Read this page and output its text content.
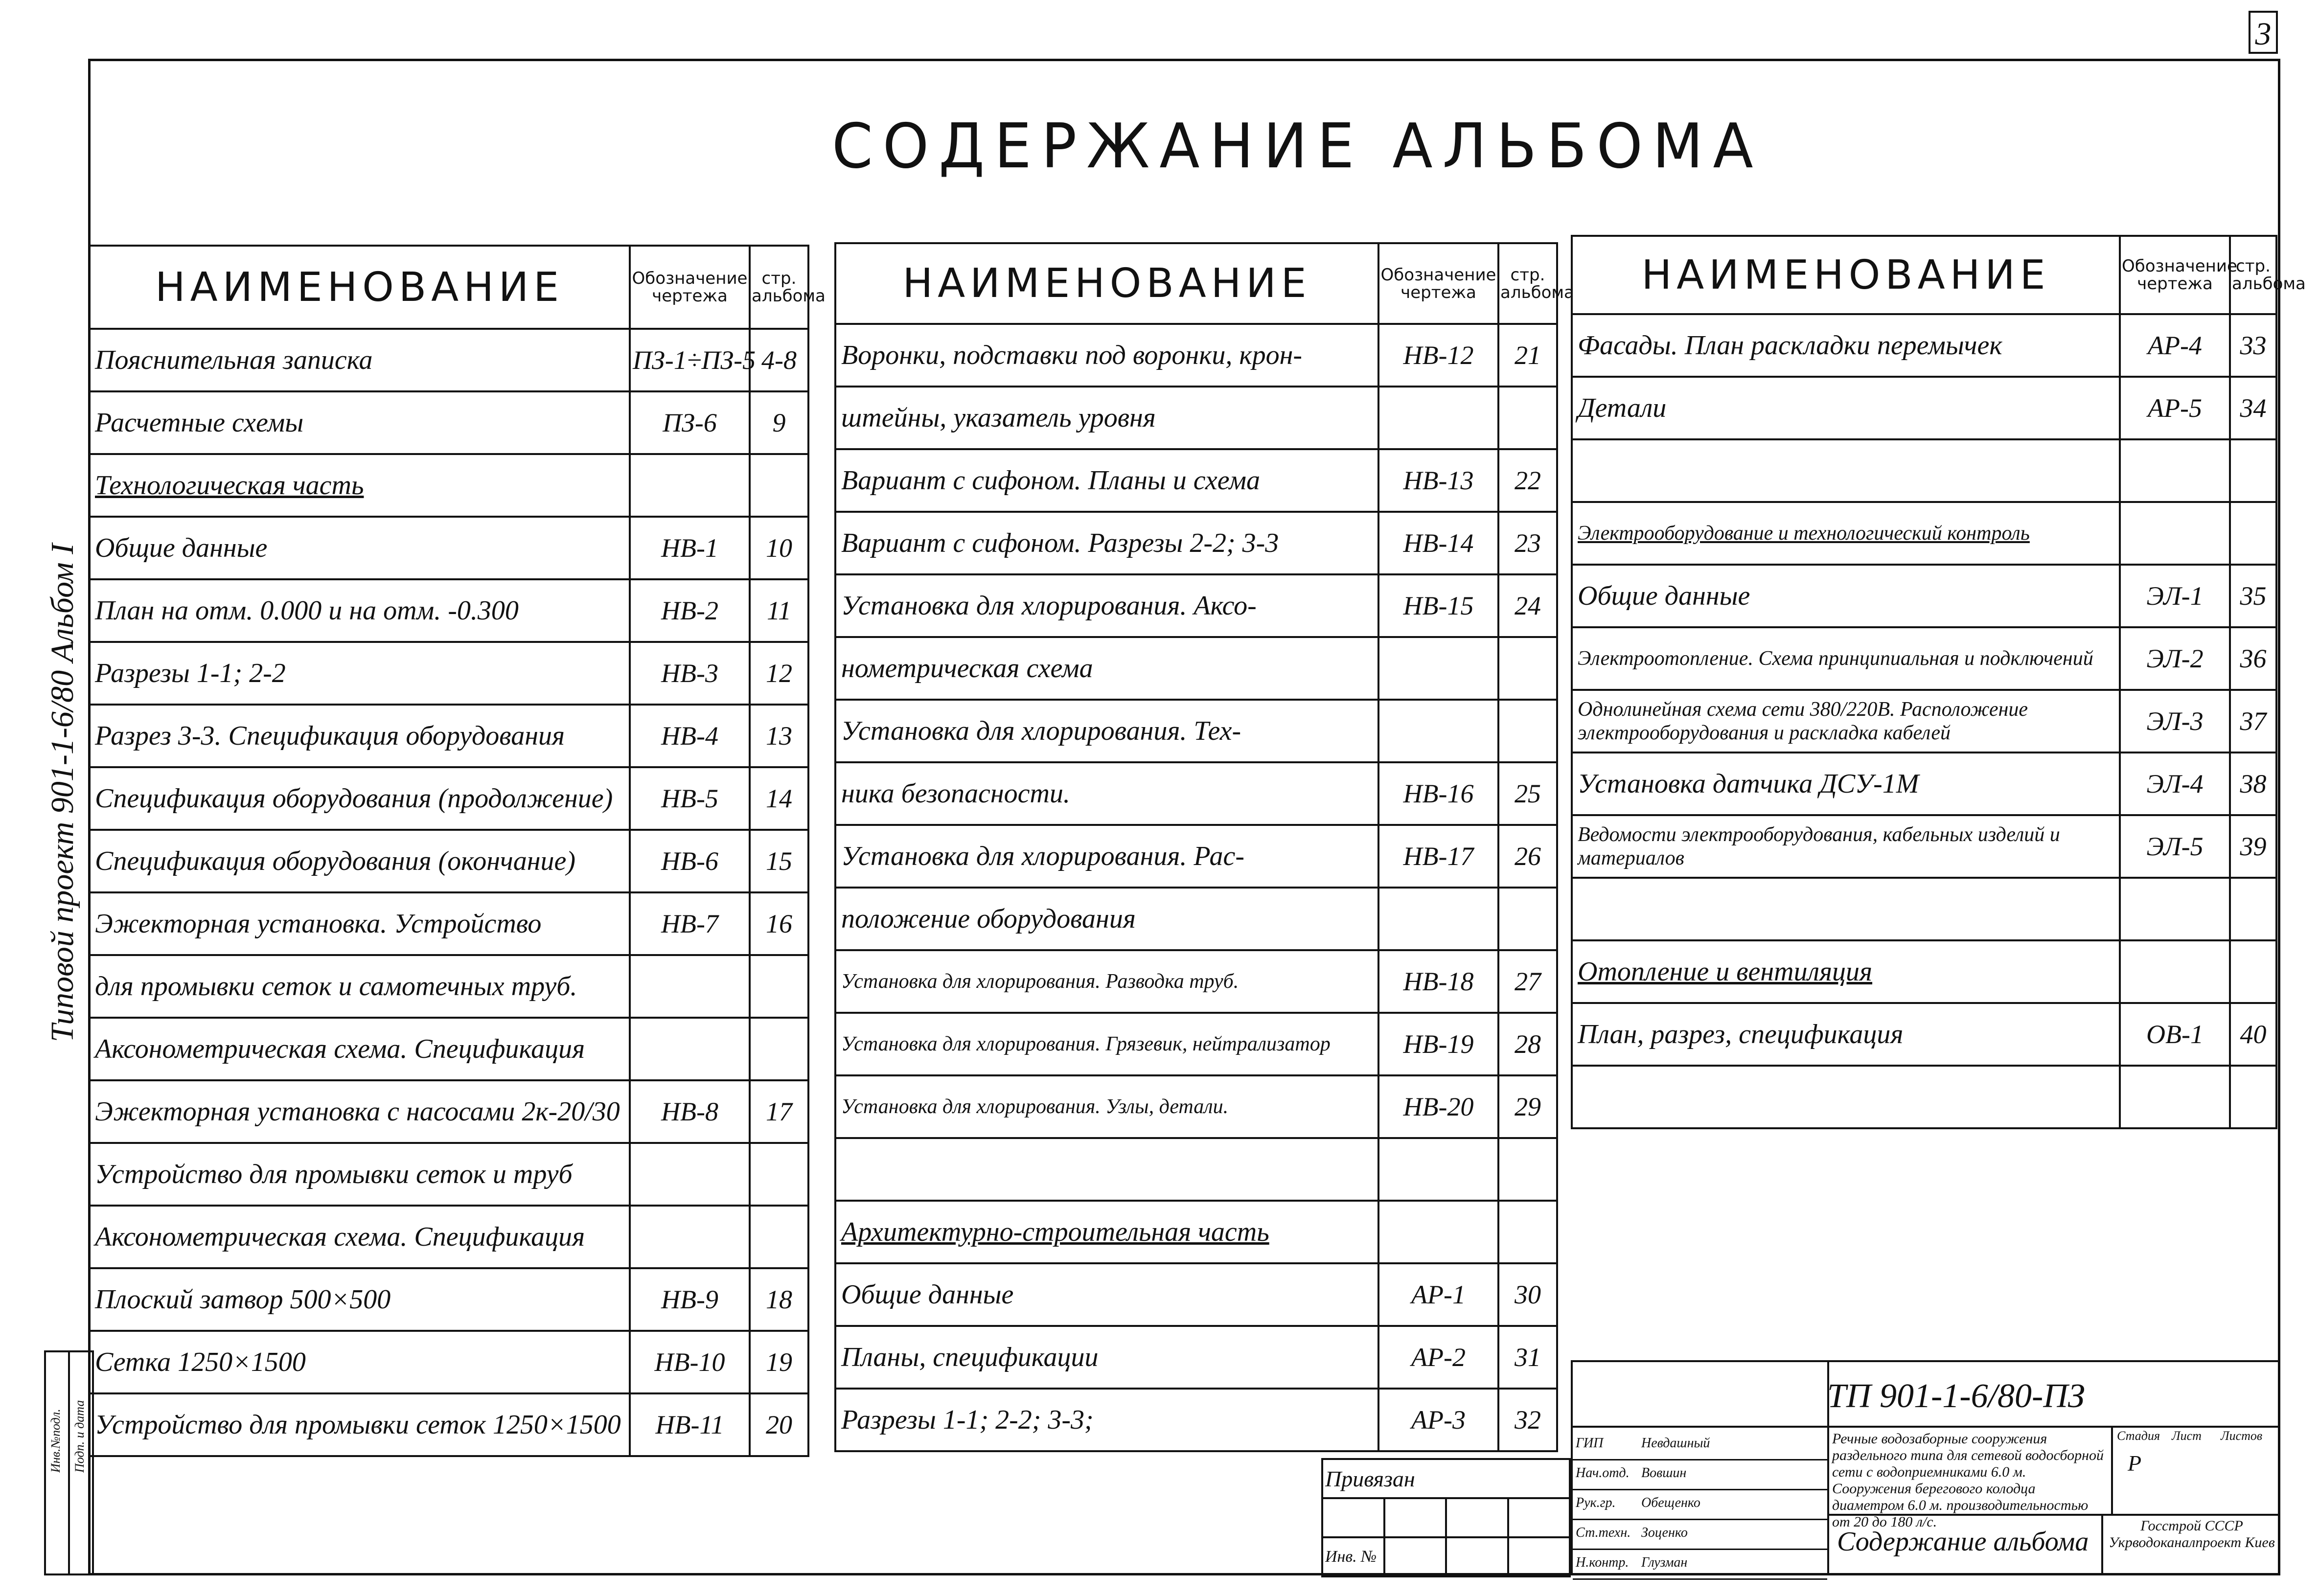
3
СОДЕРЖАНИЕ АЛЬБОМА
Типовой проект 901-1-6/80 Альбом I
НАИМЕНОВАНИЕ	Обозначение чертежа	стр. альбома
Пояснительная записка	ПЗ-1÷ПЗ-5	4-8
Расчетные схемы	ПЗ-6	9
Технологическая часть		
Общие данные	НВ-1	10
План на отм. 0.000 и на отм. -0.300	НВ-2	11
Разрезы 1-1; 2-2	НВ-3	12
Разрез 3-3. Спецификация оборудования	НВ-4	13
Спецификация оборудования (продолжение)	НВ-5	14
Спецификация оборудования (окончание)	НВ-6	15
Эжекторная установка. Устройство	НВ-7	16
для промывки сеток и самотечных труб.		
Аксонометрическая схема. Спецификация		
Эжекторная установка с насосами 2к-20/30	НВ-8	17
Устройство для промывки сеток и труб		
Аксонометрическая схема. Спецификация		
Плоский затвор 500×500	НВ-9	18
Сетка 1250×1500	НВ-10	19
Устройство для промывки сеток 1250×1500	НВ-11	20
НАИМЕНОВАНИЕ	Обозначение чертежа	стр. альбома
Воронки, подставки под воронки, крон-	НВ-12	21
штейны, указатель уровня		
Вариант с сифоном. Планы и схема	НВ-13	22
Вариант с сифоном. Разрезы 2-2; 3-3	НВ-14	23
Установка для хлорирования. Аксо-	НВ-15	24
нометрическая схема		
Установка для хлорирования. Тех-		
ника безопасности.	НВ-16	25
Установка для хлорирования. Рас-	НВ-17	26
положение оборудования		
Установка для хлорирования. Разводка труб.	НВ-18	27
Установка для хлорирования. Грязевик, нейтрализатор	НВ-19	28
Установка для хлорирования. Узлы, детали.	НВ-20	29

Архитектурно-строительная часть		
Общие данные	АР-1	30
Планы, спецификации	АР-2	31
Разрезы 1-1; 2-2; 3-3;	АР-3	32
НАИМЕНОВАНИЕ	Обозначение чертежа	стр. альбома
Фасады. План раскладки перемычек	АР-4	33
Детали	АР-5	34

Электрооборудование и технологический контроль		
Общие данные	ЭЛ-1	35
Электроотопление. Схема принципиальная и подключений	ЭЛ-2	36
Однолинейная схема сети 380/220В. Расположение электрооборудования и раскладка кабелей	ЭЛ-3	37
Установка датчика ДСУ-1М	ЭЛ-4	38
Ведомости электрооборудования, кабельных изделий и материалов	ЭЛ-5	39

Отопление и вентиляция		
План, разрез, спецификация	ОВ-1	40

Инв.№подл.	Подп. и дата
Привязан			

Инв. №			
ТП 901-1-6/80-ПЗ
ГИП	Невдашный
Нач.отд. Вовшин
Рук.гр. Обещенко
Ст.техн. Зоценко
Н.контр. Глузман
Речные водозаборные сооружения раздельного типа для сетевой водосборной сети с водоприемниками 6.0 м. Сооружения берегового колодца диаметром 6.0 м. производительностью от 20 до 180 л/с.
Стадия Лист Листов
Р
Содержание альбома
Госстрой СССР Укрводоканалпроект Киев
